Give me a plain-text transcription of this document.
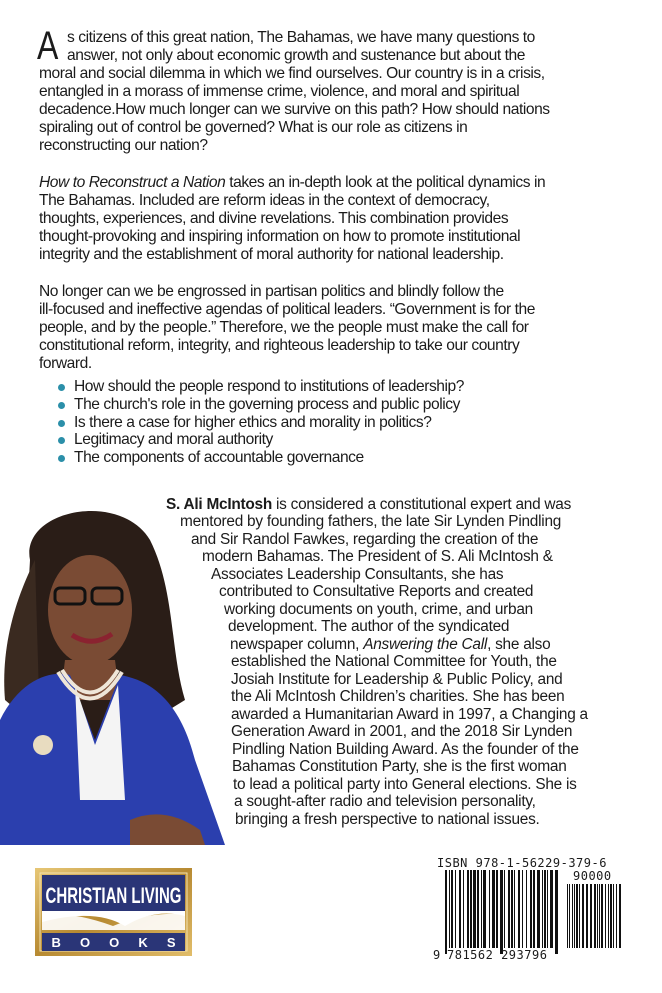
A s citizens of this great nation, The Bahamas, we have many questions to
answer, not only about economic growth and sustenance but about the
moral and social dilemma in which we find ourselves. Our country is in a crisis,
entangled in a morass of immense crime, violence, and moral and spiritual
decadence.How much longer can we survive on this path? How should nations
spiraling out of control be governed? What is our role as citizens in
reconstructing our nation?
How to Reconstruct a Nation takes an in-depth look at the political dynamics in
The Bahamas. Included are reform ideas in the context of democracy,
thoughts, experiences, and divine revelations. This combination provides
thought-provoking and inspiring information on how to promote institutional
integrity and the establishment of moral authority for national leadership.
No longer can we be engrossed in partisan politics and blindly follow the
ill-focused and ineffective agendas of political leaders. “Government is for the
people, and by the people.” Therefore, we the people must make the call for
constitutional reform, integrity, and righteous leadership to take our country
forward.
How should the people respond to institutions of leadership?
The church's role in the governing process and public policy
Is there a case for higher ethics and morality in politics?
Legitimacy and moral authority
The components of accountable governance
S. Ali McIntosh is considered a constitutional expert and was
mentored by founding fathers, the late Sir Lynden Pindling
and Sir Randol Fawkes, regarding the creation of the
modern Bahamas. The President of S. Ali McIntosh &
Associates Leadership Consultants, she has
contributed to Consultative Reports and created
working documents on youth, crime, and urban
development. The author of the syndicated
newspaper column, Answering the Call, she also
established the National Committee for Youth, the
Josiah Institute for Leadership & Public Policy, and
the Ali McIntosh Children’s charities. She has been
awarded a Humanitarian Award in 1997, a Changing a
Generation Award in 2001, and the 2018 Sir Lynden
Pindling Nation Building Award. As the founder of the
Bahamas Constitution Party, she is the first woman
to lead a political party into General elections. She is
a sought-after radio and television personality,
bringing a fresh perspective to national issues.
CHRISTIAN LIVING
B O O K S
ISBN 978-1-56229-379-6
90000
9 781562 293796
